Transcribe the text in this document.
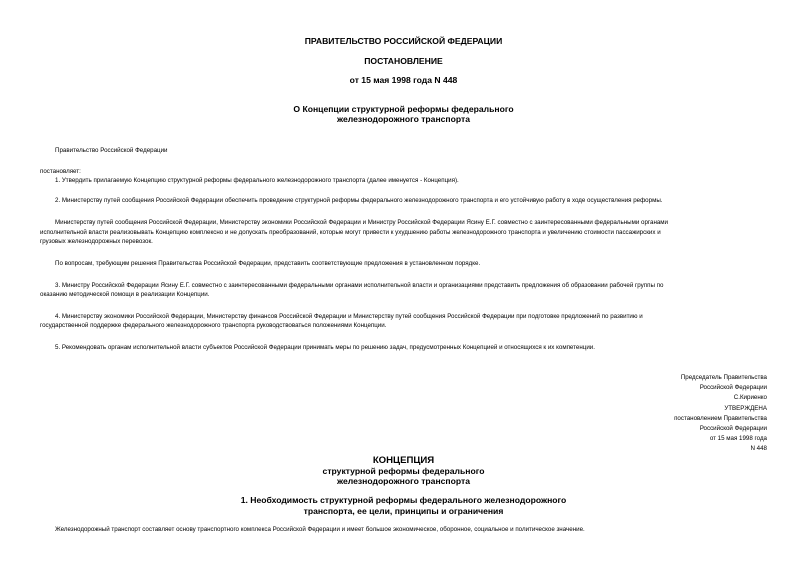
ПРАВИТЕЛЬСТВО РОССИЙСКОЙ ФЕДЕРАЦИИ
ПОСТАНОВЛЕНИЕ
от 15 мая 1998 года N 448
О Концепции структурной реформы федерального
железнодорожного транспорта
Правительство Российской Федерации
постановляет:
1. Утвердить прилагаемую Концепцию структурной реформы федерального железнодорожного транспорта (далее именуется - Концепция).
2. Министерству путей сообщения Российской Федерации обеспечить проведение структурной реформы федерального железнодорожного транспорта и его устойчивую работу в ходе осуществления реформы.
Министерству путей сообщения Российской Федерации, Министерству экономики Российской Федерации и Министру Российской Федерации Ясину Е.Г. совместно с заинтересованными федеральными органами
исполнительной власти реализовывать Концепцию комплексно и не допускать преобразований, которые могут привести к ухудшению работы железнодорожного транспорта и увеличению стоимости пассажирских и
грузовых железнодорожных перевозок.
По вопросам, требующим решения Правительства Российской Федерации, представить соответствующие предложения в установленном порядке.
3. Министру Российской Федерации Ясину Е.Г. совместно с заинтересованными федеральными органами исполнительной власти и организациями представить предложения об образовании рабочей группы по
оказанию методической помощи в реализации Концепции.
4. Министерству экономики Российской Федерации, Министерству финансов Российской Федерации и Министерству путей сообщения Российской Федерации при подготовке предложений по развитию и
государственной поддержке федерального железнодорожного транспорта руководствоваться положениями Концепции.
5. Рекомендовать органам исполнительной власти субъектов Российской Федерации принимать меры по решению задач, предусмотренных Концепцией и относящихся к их компетенции.
Председатель Правительства
Российской Федерации
С.Кириенко
УТВЕРЖДЕНА
постановлением Правительства
Российской Федерации
от 15 мая 1998 года
N 448
КОНЦЕПЦИЯ
структурной реформы федерального
железнодорожного транспорта
1. Необходимость структурной реформы федерального железнодорожного
транспорта, ее цели, принципы и ограничения
Железнодорожный транспорт составляет основу транспортного комплекса Российской Федерации и имеет большое экономическое, оборонное, социальное и политическое значение.
